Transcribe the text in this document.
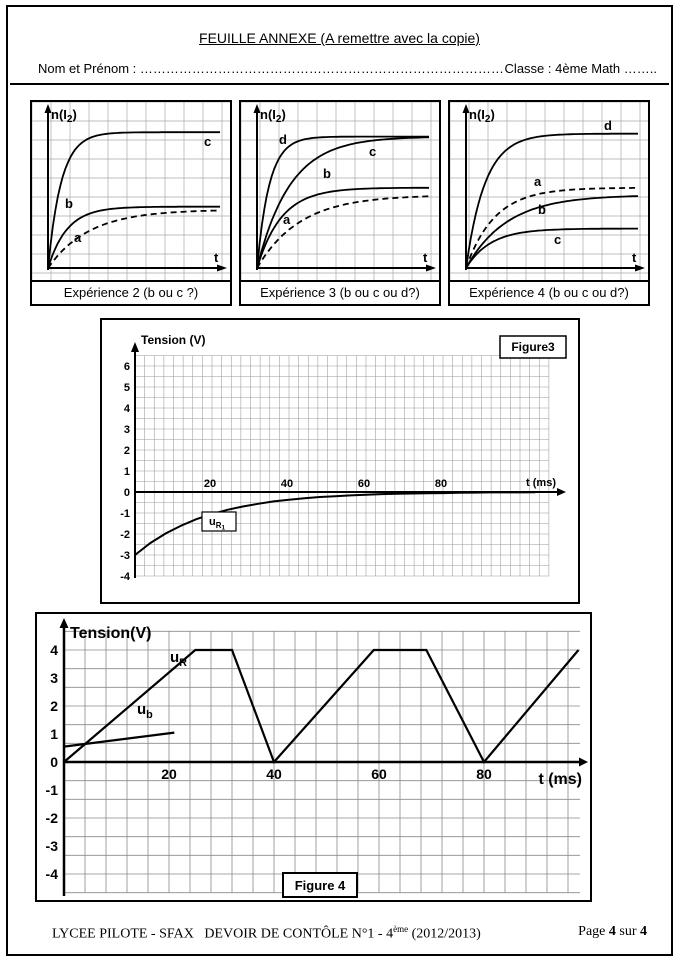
FEUILLE ANNEXE (A remettre avec la copie)
Nom et Prénom : ………………………………………………………………………… Classe : 4ème Math ……..
$n(I_2)$
t
c
b
a
Expérience 2 (b ou c ?)
$n(I_2)$
t
d
c
b
a
Expérience 3 (b ou c ou d?)
$n(I_2)$
t
d
a
b
c
Expérience 4 (b ou c ou d?)
6
5
4
3
2
1
0
-1
-2
-3
-4
20	40	60	80	t (ms)
Tension (V)	Figure3
$u_R1$
4
3
2
1
0
-1
-2
-3
-4
20	40	60	80	t (ms)
Tension(V)
$u_R$
$u_b$
Figure 4
LYCEE PILOTE - SFAX DEVOIR DE CONTÔLE N°1 - 4ème (2012/2013)	Page 4 sur 4
